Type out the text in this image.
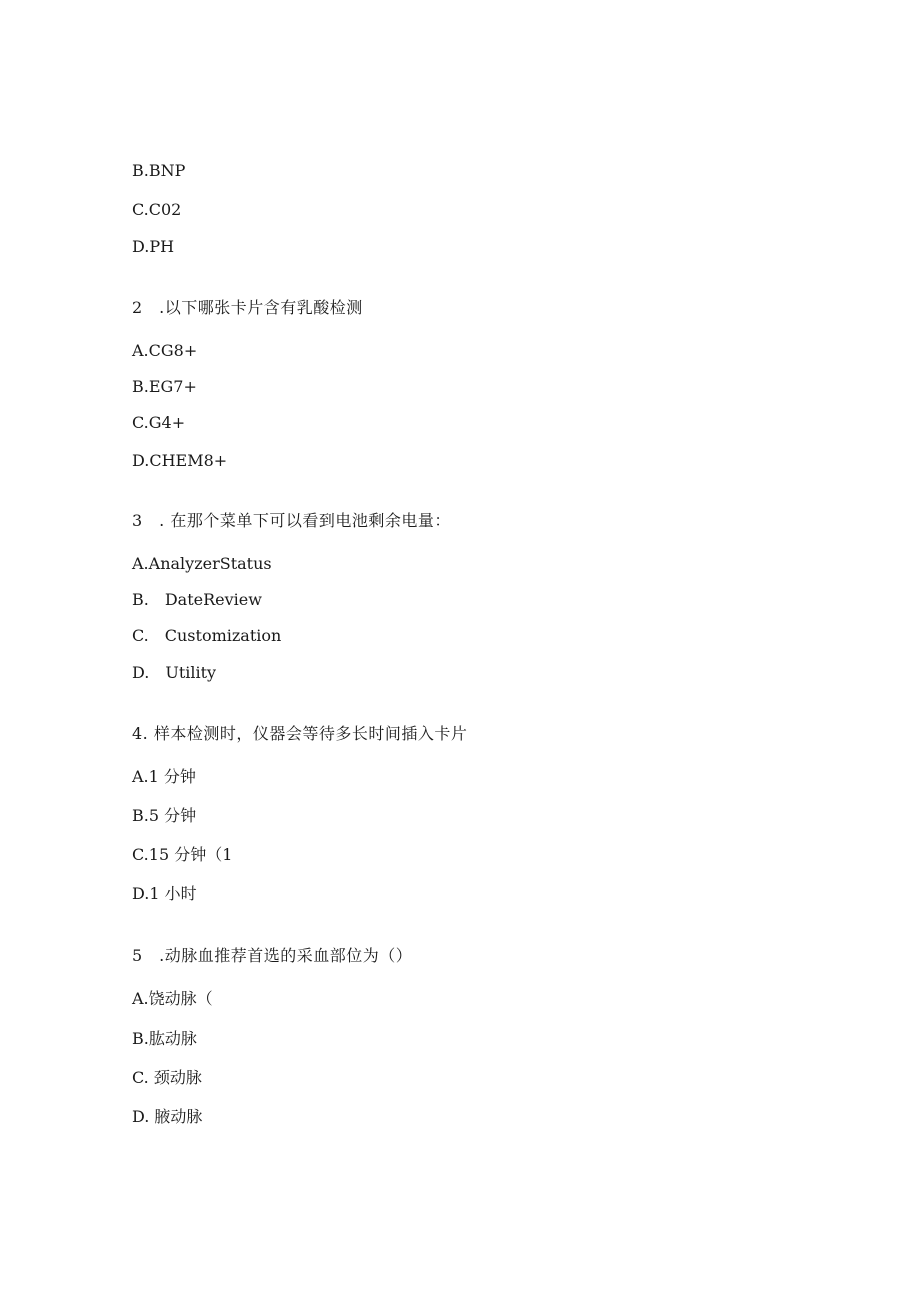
B.BNP
C.C02
D.PH
2 .以下哪张卡片含有乳酸检测
A.CG8+
B.EG7+
C.G4+
D.CHEM8+
3 . 在那个菜单下可以看到电池剩余电量：
A.AnalyzerStatus
B. DateReview
C. Customization
D. Utility
4. 样本检测时，仪器会等待多长时间插入卡片
A.1 分钟
B.5 分钟
C.15 分钟（1
D.1 小时
5 .动脉血推荐首选的采血部位为（）
A.饶动脉（
B.肱动脉
C. 颈动脉
D. 腋动脉
